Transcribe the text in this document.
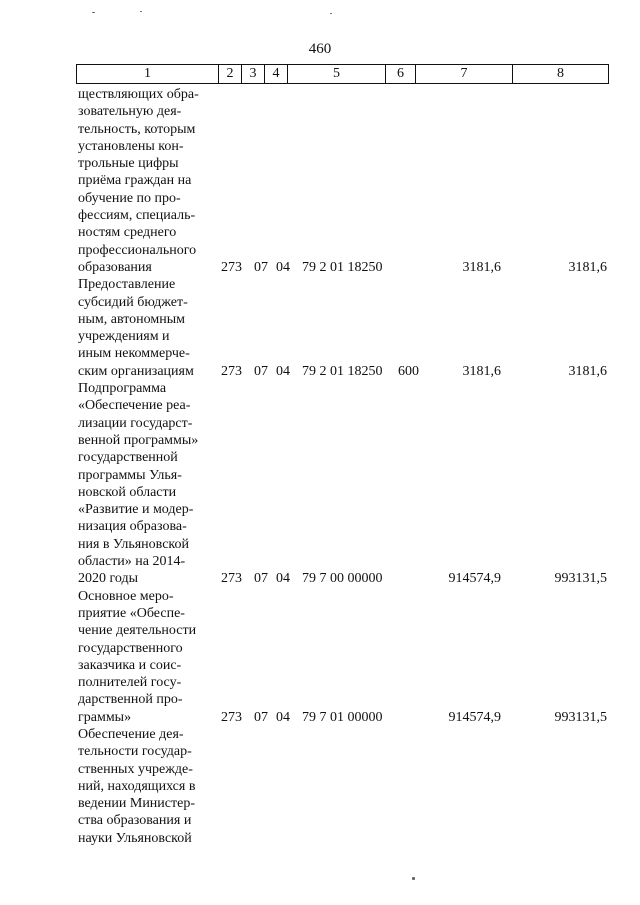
460
1	2	3	4	5	6	7	8
ществляющих обра-
зовательную дея-
тельность, которым
установлены кон-
трольные цифры
приёма граждан на
обучение по про-
фессиям, специаль-
ностям среднего
профессионального
образования	273 07 04 79 2 01 18250	3181,6	3181,6
Предоставление
субсидий бюджет-
ным, автономным
учреждениям и
иным некоммерче-
ским организациям	273 07 04 79 2 01 18250 600	3181,6	3181,6
Подпрограмма
«Обеспечение реа-
лизации государст-
венной программы»
государственной
программы Улья-
новской области
«Развитие и модер-
низация образова-
ния в Ульяновской
области» на 2014-
2020 годы	273 07 04 79 7 00 00000	914574,9	993131,5
Основное меро-
приятие «Обеспе-
чение деятельности
государственного
заказчика и соис-
полнителей госу-
дарственной про-
граммы»	273 07 04 79 7 01 00000	914574,9	993131,5
Обеспечение дея-
тельности государ-
ственных учрежде-
ний, находящихся в
ведении Министер-
ства образования и
науки Ульяновской
